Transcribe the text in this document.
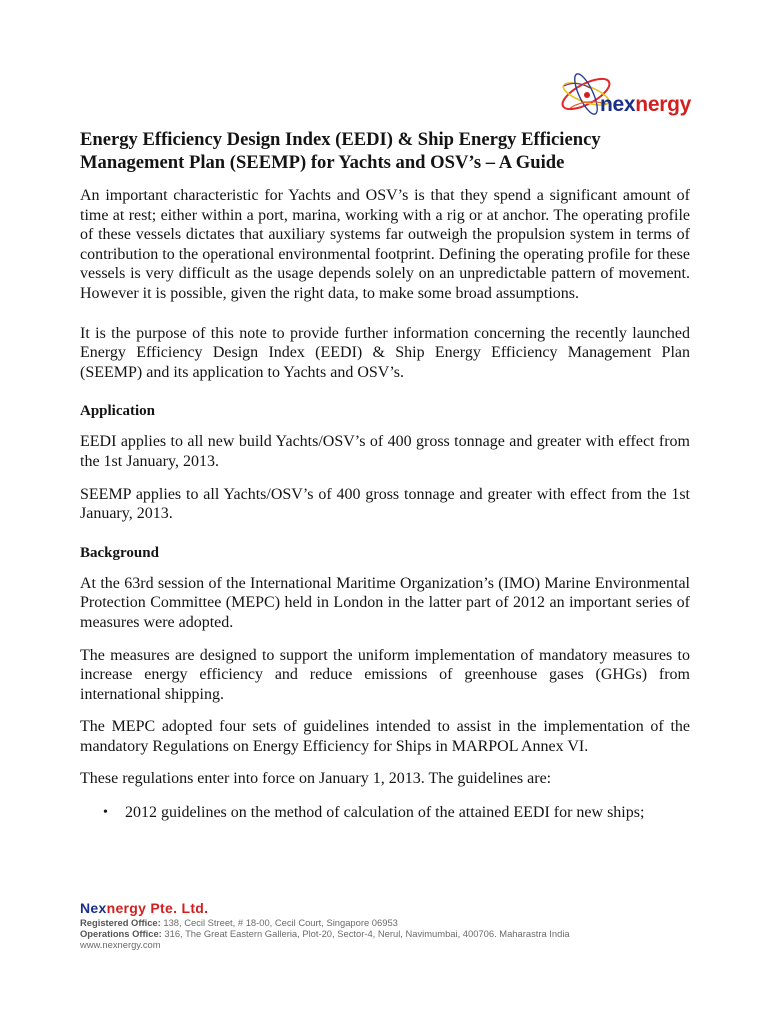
nexnergy
Energy Efficiency Design Index (EEDI) & Ship Energy Efficiency Management Plan (SEEMP) for Yachts and OSV’s – A Guide

An important characteristic for Yachts and OSV’s is that they spend a significant amount of time at rest; either within a port, marina, working with a rig or at anchor. The operating profile of these vessels dictates that auxiliary systems far outweigh the propulsion system in terms of contribution to the operational environmental footprint. Defining the operating profile for these vessels is very difficult as the usage depends solely on an unpredictable pattern of movement. However it is possible, given the right data, to make some broad assumptions.

It is the purpose of this note to provide further information concerning the recently launched Energy Efficiency Design Index (EEDI) & Ship Energy Efficiency Management Plan (SEEMP) and its application to Yachts and OSV’s.

Application

EEDI applies to all new build Yachts/OSV’s of 400 gross tonnage and greater with effect from the 1st January, 2013.

SEEMP applies to all Yachts/OSV’s of 400 gross tonnage and greater with effect from the 1st January, 2013.

Background

At the 63rd session of the International Maritime Organization’s (IMO) Marine Environmental Protection Committee (MEPC) held in London in the latter part of 2012 an important series of measures were adopted.

The measures are designed to support the uniform implementation of mandatory measures to increase energy efficiency and reduce emissions of greenhouse gases (GHGs) from international shipping.

The MEPC adopted four sets of guidelines intended to assist in the implementation of the mandatory Regulations on Energy Efficiency for Ships in MARPOL Annex VI.

These regulations enter into force on January 1, 2013. The guidelines are:

• 2012 guidelines on the method of calculation of the attained EEDI for new ships;
Nexnergy Pte. Ltd.
Registered Office: 138, Cecil Street, # 18-00, Cecil Court, Singapore 06953
Operations Office: 316, The Great Eastern Galleria, Plot-20, Sector-4, Nerul, Navimumbai, 400706. Maharastra India
www.nexnergy.com
